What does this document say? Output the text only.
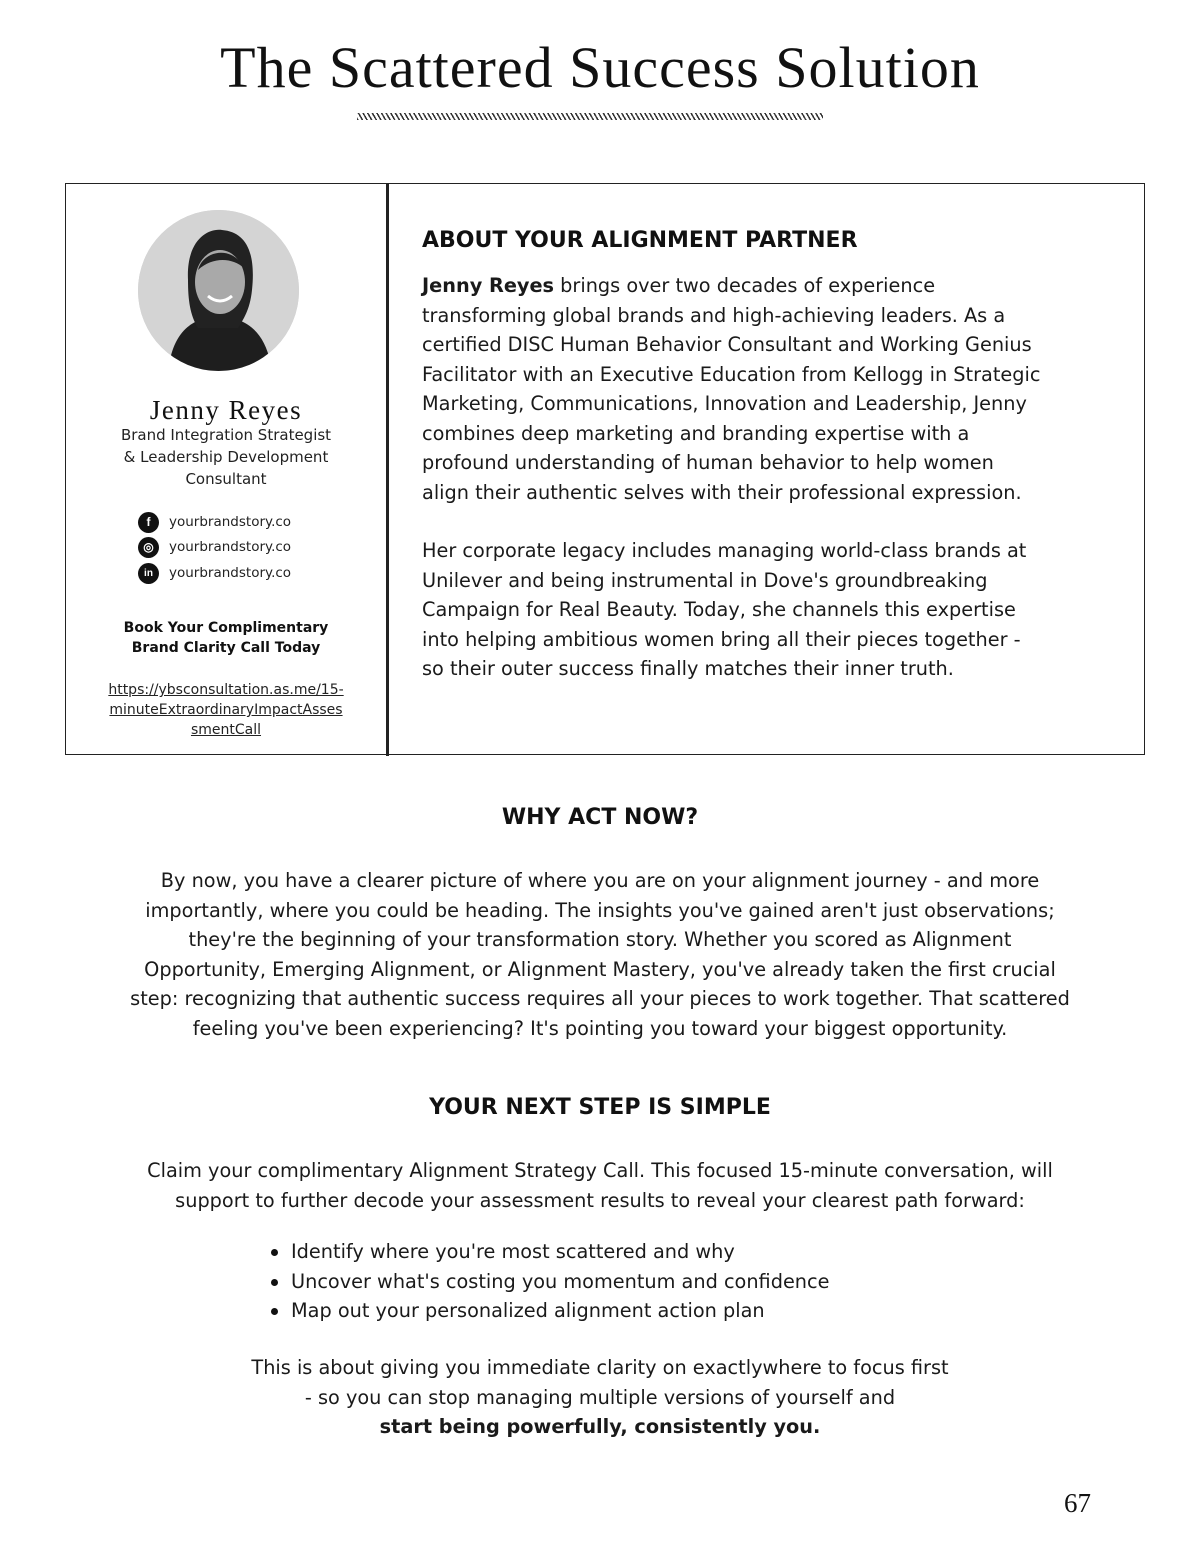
The Scattered Success Solution
Jenny Reyes
Brand Integration Strategist
& Leadership Development
Consultant
f	yourbrandstory.co
◎	yourbrandstory.co
in	yourbrandstory.co
Book Your Complimentary
Brand Clarity Call Today
https://ybsconsultation.as.me/15-
minuteExtraordinaryImpactAsses
smentCall
ABOUT YOUR ALIGNMENT PARTNER
Jenny Reyes brings over two decades of experience
transforming global brands and high-achieving leaders. As a
certified DISC Human Behavior Consultant and Working Genius
Facilitator with an Executive Education from Kellogg in Strategic
Marketing, Communications, Innovation and Leadership, Jenny
combines deep marketing and branding expertise with a
profound understanding of human behavior to help women
align their authentic selves with their professional expression.
Her corporate legacy includes managing world-class brands at
Unilever and being instrumental in Dove's groundbreaking
Campaign for Real Beauty. Today, she channels this expertise
into helping ambitious women bring all their pieces together -
so their outer success finally matches their inner truth.
WHY ACT NOW?
By now, you have a clearer picture of where you are on your alignment journey - and more
importantly, where you could be heading. The insights you've gained aren't just observations;
they're the beginning of your transformation story. Whether you scored as Alignment
Opportunity, Emerging Alignment, or Alignment Mastery, you've already taken the first crucial
step: recognizing that authentic success requires all your pieces to work together. That scattered
feeling you've been experiencing? It's pointing you toward your biggest opportunity.
YOUR NEXT STEP IS SIMPLE
Claim your complimentary Alignment Strategy Call. This focused 15-minute conversation, will
support to further decode your assessment results to reveal your clearest path forward:
Identify where you're most scattered and why
Uncover what's costing you momentum and confidence
Map out your personalized alignment action plan
This is about giving you immediate clarity on exactlywhere to focus first
- so you can stop managing multiple versions of yourself and
start being powerfully, consistently you.
67
